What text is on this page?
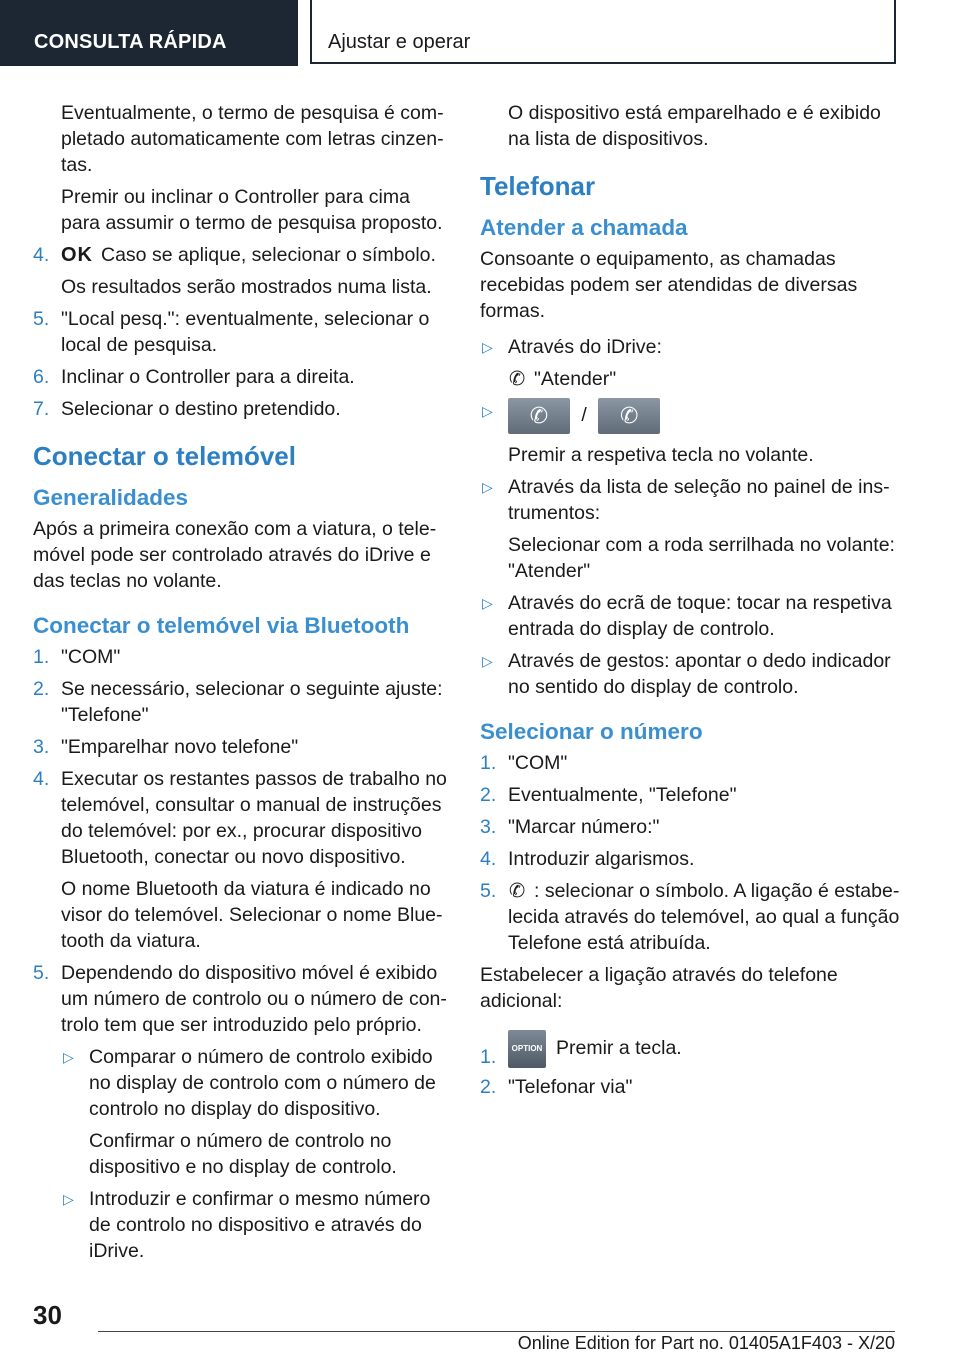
CONSULTA RÁPIDA	Ajustar e operar

Eventualmente, o termo de pesquisa é completado automaticamente com letras cinzentas.

Premir ou inclinar o Controller para cima para assumir o termo de pesquisa proposto.

4. OK Caso se aplique, selecionar o símbolo.

Os resultados serão mostrados numa lista.

5. "Local pesq.": eventualmente, selecionar o local de pesquisa.
6. Inclinar o Controller para a direita.
7. Selecionar o destino pretendido.
Conectar o telemóvel
Generalidades

Após a primeira conexão com a viatura, o telemóvel pode ser controlado através do iDrive e das teclas no volante.

Conectar o telemóvel via Bluetooth
1. "COM"
2. Se necessário, selecionar o seguinte ajuste: "Telefone"
3. "Emparelhar novo telefone"
4. Executar os restantes passos de trabalho no telemóvel, consultar o manual de instruções do telemóvel: por ex., procurar dispositivo Bluetooth, conectar ou novo dispositivo.

O nome Bluetooth da viatura é indicado no visor do telemóvel. Selecionar o nome Bluetooth da viatura.

5. Dependendo do dispositivo móvel é exibido um número de controlo ou o número de controlo tem que ser introduzido pelo próprio.
▷ Comparar o número de controlo exibido no display de controlo com o número de controlo no display do dispositivo.

Confirmar o número de controlo no dispositivo e no display de controlo.

▷ Introduzir e confirmar o mesmo número de controlo no dispositivo e através do iDrive.

O dispositivo está emparelhado e é exibido na lista de dispositivos.

Telefonar
Atender a chamada

Consoante o equipamento, as chamadas recebidas podem ser atendidas de diversas formas.

▷ Através do iDrive:

✆ "Atender"

▷ ✆ / ✆

Premir a respetiva tecla no volante.

▷ Através da lista de seleção no painel de instrumentos:

Selecionar com a roda serrilhada no volante: "Atender"

▷ Através do ecrã de toque: tocar na respetiva entrada do display de controlo.
▷ Através de gestos: apontar o dedo indicador no sentido do display de controlo.
Selecionar o número
1. "COM"
2. Eventualmente, "Telefone"
3. "Marcar número:"
4. Introduzir algarismos.
5. ✆ : selecionar o símbolo. A ligação é estabelecida através do telemóvel, ao qual a função Telefone está atribuída.

Estabelecer a ligação através do telefone adicional:

1. OPTION Premir a tecla.
2. "Telefonar via"
30
Online Edition for Part no. 01405A1F403 - X/20
